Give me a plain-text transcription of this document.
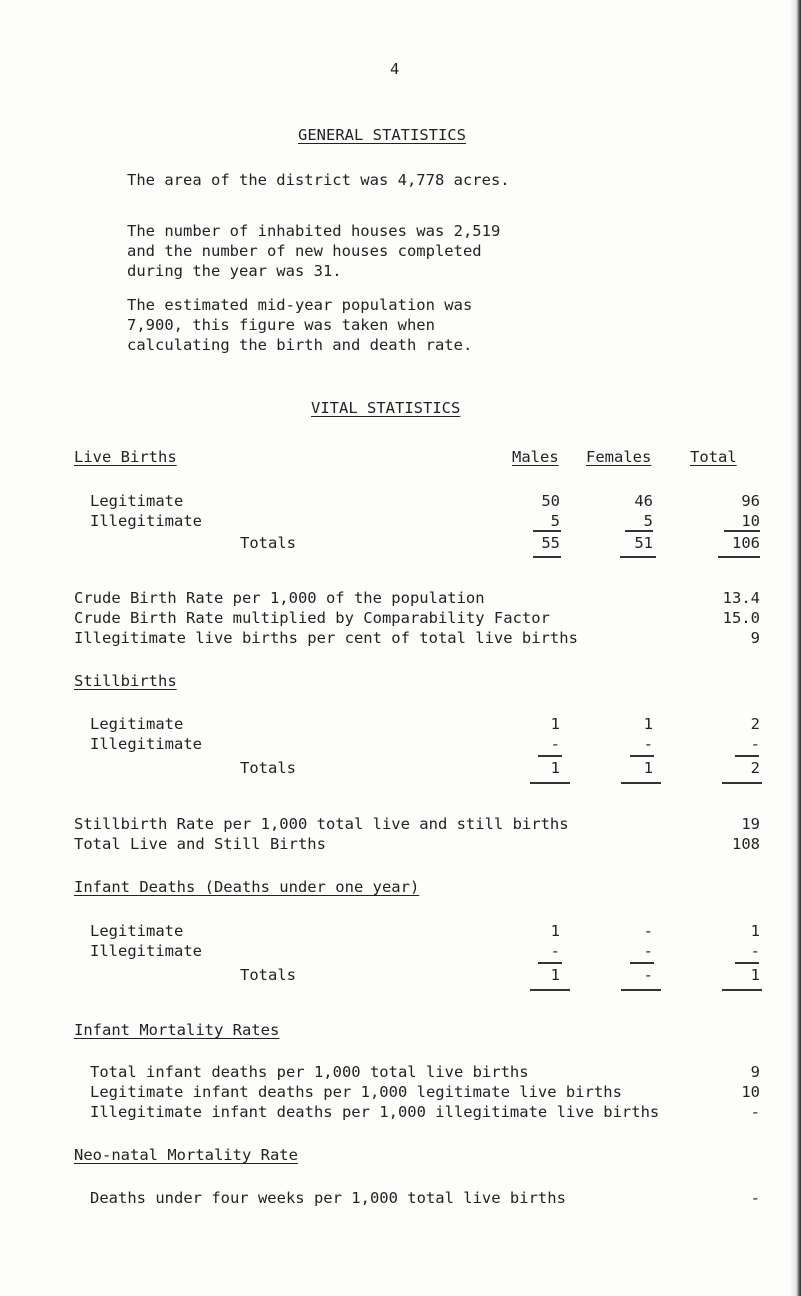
4
GENERAL STATISTICS
The area of the district was 4,778 acres.
The number of inhabited houses was 2,519
and the number of new houses completed
during the year was 31.
The estimated mid-year population was
7,900, this figure was taken when
calculating the birth and death rate.
VITAL STATISTICS
Live Births	Males Females Total
Legitimate	50	46	96
Illegitimate	5	5	10
Totals	55	51	106
Crude Birth Rate per 1,000 of the population	13.4
Crude Birth Rate multiplied by Comparability Factor	15.0
Illegitimate live births per cent of total live births	9
Stillbirths
Legitimate	1	1	2
Illegitimate	-	-	-
Totals	1	1	2
Stillbirth Rate per 1,000 total live and still births	19
Total Live and Still Births	108
Infant Deaths (Deaths under one year)
Legitimate	1	-	1
Illegitimate	-	-	-
Totals	1	-	1
Infant Mortality Rates
Total infant deaths per 1,000 total live births	9
Legitimate infant deaths per 1,000 legitimate live births	10
Illegitimate infant deaths per 1,000 illegitimate live births	-
Neo-natal Mortality Rate
Deaths under four weeks per 1,000 total live births	-
